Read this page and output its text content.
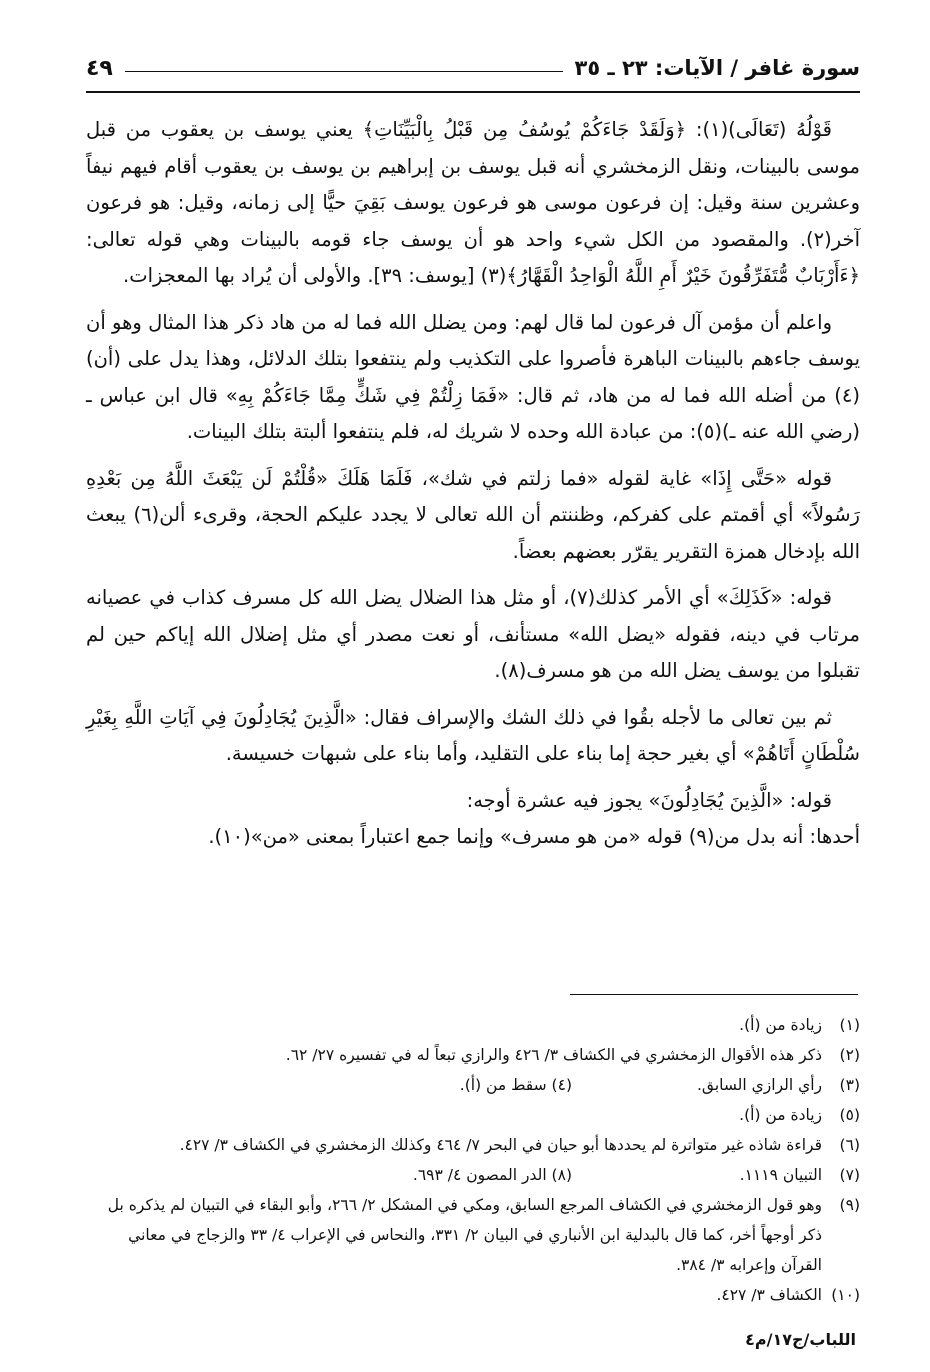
سورة غافر / الآيات: ٢٣ ـ ٣٥
٤٩

قَوْلُهُ (تَعَالَى)(١): ﴿وَلَقَدْ جَاءَكُمْ يُوسُفُ مِن قَبْلُ بِالْبَيِّنَاتِ﴾ يعني يوسف بن يعقوب من قبل موسى بالبينات، ونقل الزمخشري أنه قبل يوسف بن إبراهيم بن يوسف بن يعقوب أقام فيهم نيفاً وعشرين سنة وقيل: إن فرعون موسى هو فرعون يوسف بَقِيَ حيًّا إلى زمانه، وقيل: هو فرعون آخر(٢). والمقصود من الكل شيء واحد هو أن يوسف جاء قومه بالبينات وهي قوله تعالى: ﴿ءَأَرْبَابٌ مُّتَفَرِّقُونَ خَيْرٌ أَمِ اللَّهُ الْوَاحِدُ الْقَهَّارُ﴾(٣) [يوسف: ٣٩]. والأولى أن يُراد بها المعجزات.

واعلم أن مؤمن آل فرعون لما قال لهم: ومن يضلل الله فما له من هاد ذكر هذا المثال وهو أن يوسف جاءهم بالبينات الباهرة فأصروا على التكذيب ولم ينتفعوا بتلك الدلائل، وهذا يدل على (أن)(٤) من أضله الله فما له من هاد، ثم قال: «فَمَا زِلْتُمْ فِي شَكٍّ مِمَّا جَاءَكُمْ بِهِ» قال ابن عباس ـ (رضي الله عنه ـ)(٥): من عبادة الله وحده لا شريك له، فلم ينتفعوا ألبتة بتلك البينات.

قوله «حَتَّى إِذَا» غاية لقوله «فما زلتم في شك»، فَلَمَا هَلَكَ «قُلْتُمْ لَن يَبْعَثَ اللَّهُ مِن بَعْدِهِ رَسُولاً» أي أقمتم على كفركم، وظننتم أن الله تعالى لا يجدد عليكم الحجة، وقرىء ألن(٦) يبعث الله بإدخال همزة التقرير يقرّر بعضهم بعضاً.

قوله: «كَذَلِكَ» أي الأمر كذلك(٧)، أو مثل هذا الضلال يضل الله كل مسرف كذاب في عصيانه مرتاب في دينه، فقوله «يضل الله» مستأنف، أو نعت مصدر أي مثل إضلال الله إياكم حين لم تقبلوا من يوسف يضل الله من هو مسرف(٨).

ثم بين تعالى ما لأجله بقُوا في ذلك الشك والإسراف فقال: «الَّذِينَ يُجَادِلُونَ فِي آيَاتِ اللَّهِ بِغَيْرِ سُلْطَانٍ أَتَاهُمْ» أي بغير حجة إما بناء على التقليد، وأما بناء على شبهات خسيسة.

قوله: «الَّذِينَ يُجَادِلُونَ» يجوز فيه عشرة أوجه:

أحدها: أنه بدل من(٩) قوله «من هو مسرف» وإنما جمع اعتباراً بمعنى «من»(١٠).

(١)
زيادة من (أ).
(٢)
ذكر هذه الأقوال الزمخشري في الكشاف ٣/ ٤٢٦ والرازي تبعاً له في تفسيره ٢٧/ ٦٢.
(٣)
رأي الرازي السابق.
(٤) سقط من (أ).
(٥)
زيادة من (أ).
(٦)
قراءة شاذه غير متواترة لم يحددها أبو حيان في البحر ٧/ ٤٦٤ وكذلك الزمخشري في الكشاف ٣/ ٤٢٧.
(٧)
التبيان ١١١٩.
(٨) الدر المصون ٤/ ٦٩٣.
(٩)
وهو قول الزمخشري في الكشاف المرجع السابق، ومكي في المشكل ٢/ ٢٦٦، وأبو البقاء في التبيان لم يذكره بل ذكر أوجهاً أخر، كما قال بالبدلية ابن الأنباري في البيان ٢/ ٣٣١، والنحاس في الإعراب ٤/ ٣٣ والزجاج في معاني القرآن وإعرابه ٣/ ٣٨٤.
(١٠)
الكشاف ٣/ ٤٢٧.
اللباب/ج١٧/م٤
